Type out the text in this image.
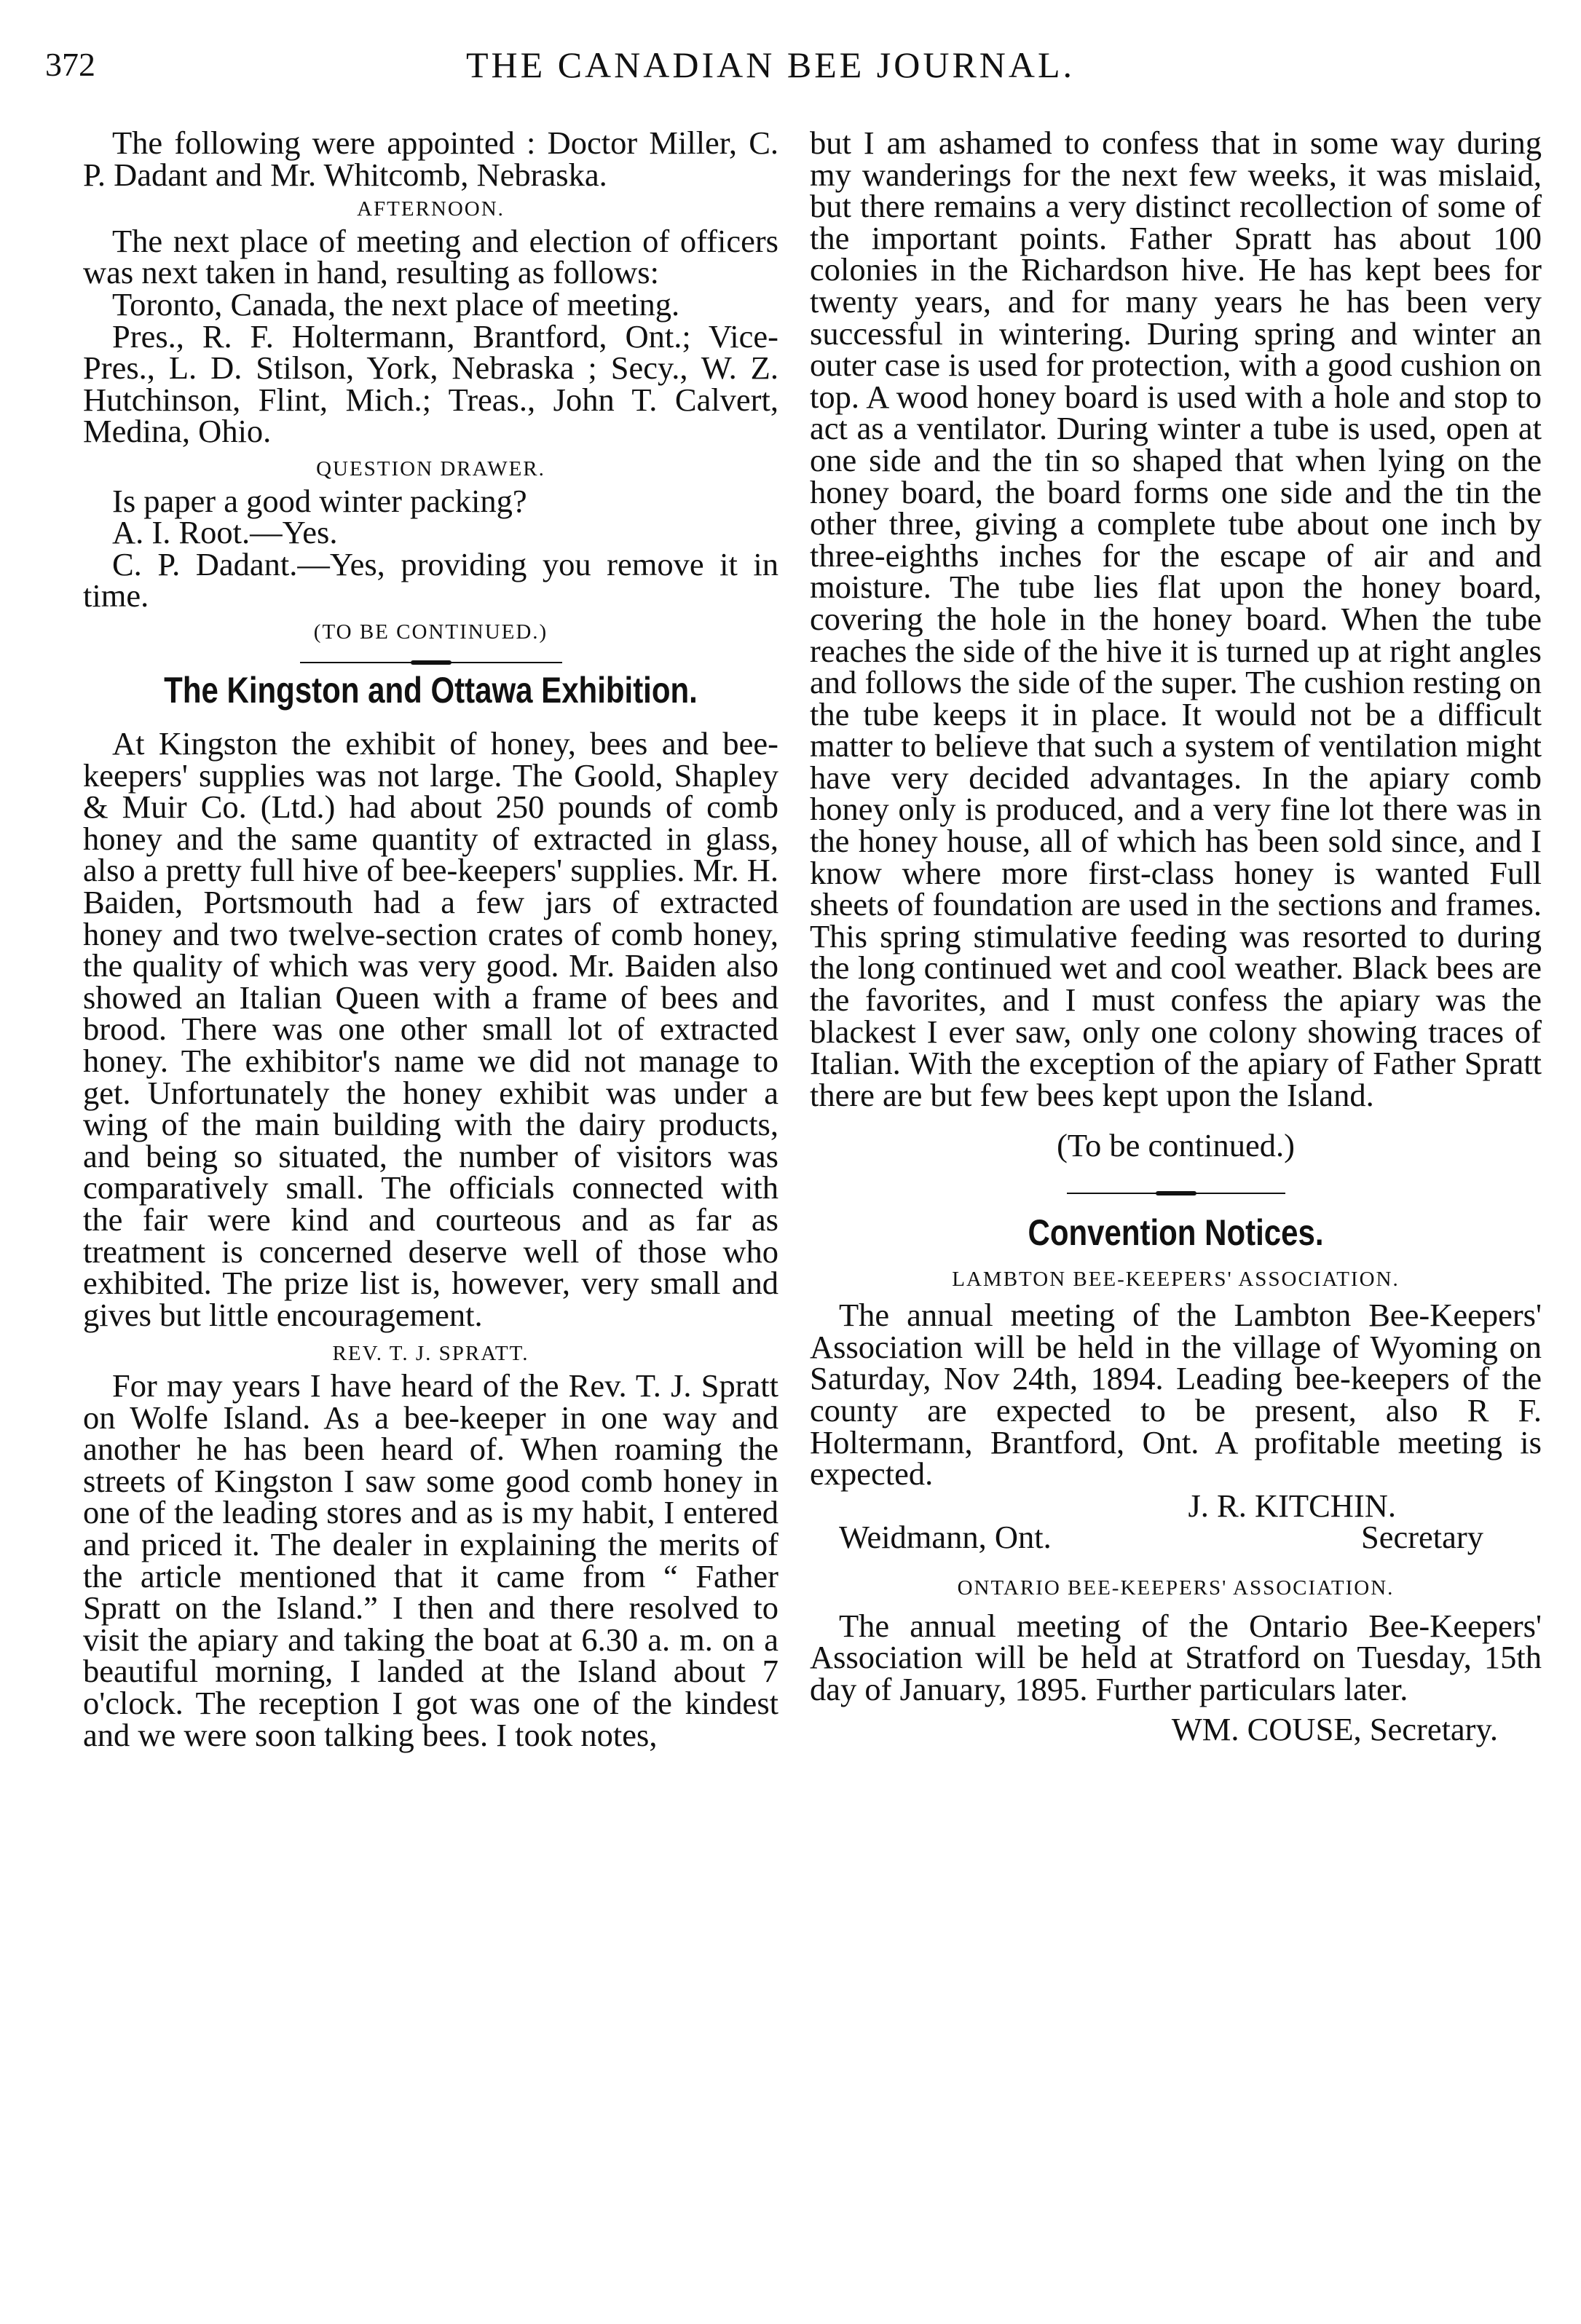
372	THE CANADIAN BEE JOURNAL.

The following were appointed : Doctor Miller, C. P. Dadant and Mr. Whitcomb, Nebraska.

AFTERNOON.

The next place of meeting and election of officers was next taken in hand, resulting as follows:

Toronto, Canada, the next place of meeting.

Pres., R. F. Holtermann, Brantford, Ont.; Vice-Pres., L. D. Stilson, York, Nebraska ; Secy., W. Z. Hutchinson, Flint, Mich.; Treas., John T. Calvert, Medina, Ohio.

QUESTION DRAWER.

Is paper a good winter packing?

A. I. Root.—Yes.

C. P. Dadant.—Yes, providing you remove it in time.

(TO BE CONTINUED.)
The Kingston and Ottawa Exhibition.

At Kingston the exhibit of honey, bees and bee-keepers' supplies was not large. The Goold, Shapley & Muir Co. (Ltd.) had about 250 pounds of comb honey and the same quantity of extracted in glass, also a pretty full hive of bee-keepers' supplies. Mr. H. Baiden, Portsmouth had a few jars of extracted honey and two twelve-section crates of comb honey, the quality of which was very good. Mr. Baiden also showed an Italian Queen with a frame of bees and brood. There was one other small lot of extracted honey. The exhibitor's name we did not manage to get. Unfortunately the honey exhibit was under a wing of the main building with the dairy products, and being so situated, the number of visitors was comparatively small. The officials connected with the fair were kind and courteous and as far as treatment is concerned deserve well of those who exhibited. The prize list is, however, very small and gives but little encouragement.

REV. T. J. SPRATT.

For may years I have heard of the Rev. T. J. Spratt on Wolfe Island. As a bee-keeper in one way and another he has been heard of. When roaming the streets of Kingston I saw some good comb honey in one of the leading stores and as is my habit, I entered and priced it. The dealer in explaining the merits of the article mentioned that it came from “ Father Spratt on the Island.” I then and there resolved to visit the apiary and taking the boat at 6.30 a. m. on a beautiful morning, I landed at the Island about 7 o'clock. The reception I got was one of the kindest and we were soon talking bees. I took notes,

but I am ashamed to confess that in some way during my wanderings for the next few weeks, it was mislaid, but there remains a very distinct recollection of some of the important points. Father Spratt has about 100 colonies in the Richardson hive. He has kept bees for twenty years, and for many years he has been very successful in wintering. During spring and winter an outer case is used for protection, with a good cushion on top. A wood honey board is used with a hole and stop to act as a ventilator. During winter a tube is used, open at one side and the tin so shaped that when lying on the honey board, the board forms one side and the tin the other three, giving a complete tube about one inch by three-eighths inches for the escape of air and and moisture. The tube lies flat upon the honey board, covering the hole in the honey board. When the tube reaches the side of the hive it is turned up at right angles and follows the side of the super. The cushion resting on the tube keeps it in place. It would not be a difficult matter to believe that such a system of ventilation might have very decided advantages. In the apiary comb honey only is produced, and a very fine lot there was in the honey house, all of which has been sold since, and I know where more first-class honey is wanted Full sheets of foundation are used in the sections and frames. This spring stimulative feeding was resorted to during the long continued wet and cool weather. Black bees are the favorites, and I must confess the apiary was the blackest I ever saw, only one colony showing traces of Italian. With the exception of the apiary of Father Spratt there are but few bees kept upon the Island.

(To be continued.)

Convention Notices.
LAMBTON BEE-KEEPERS' ASSOCIATION.

The annual meeting of the Lambton Bee-Keepers' Association will be held in the village of Wyoming on Saturday, Nov 24th, 1894. Leading bee-keepers of the county are expected to be present, also R F. Holtermann, Brantford, Ont. A profitable meeting is expected.

J. R. KITCHIN.

Weidmann, Ont.	Secretary
ONTARIO BEE-KEEPERS' ASSOCIATION.

The annual meeting of the Ontario Bee-Keepers' Association will be held at Stratford on Tuesday, 15th day of January, 1895. Further particulars later.

WM. COUSE, Secretary.
